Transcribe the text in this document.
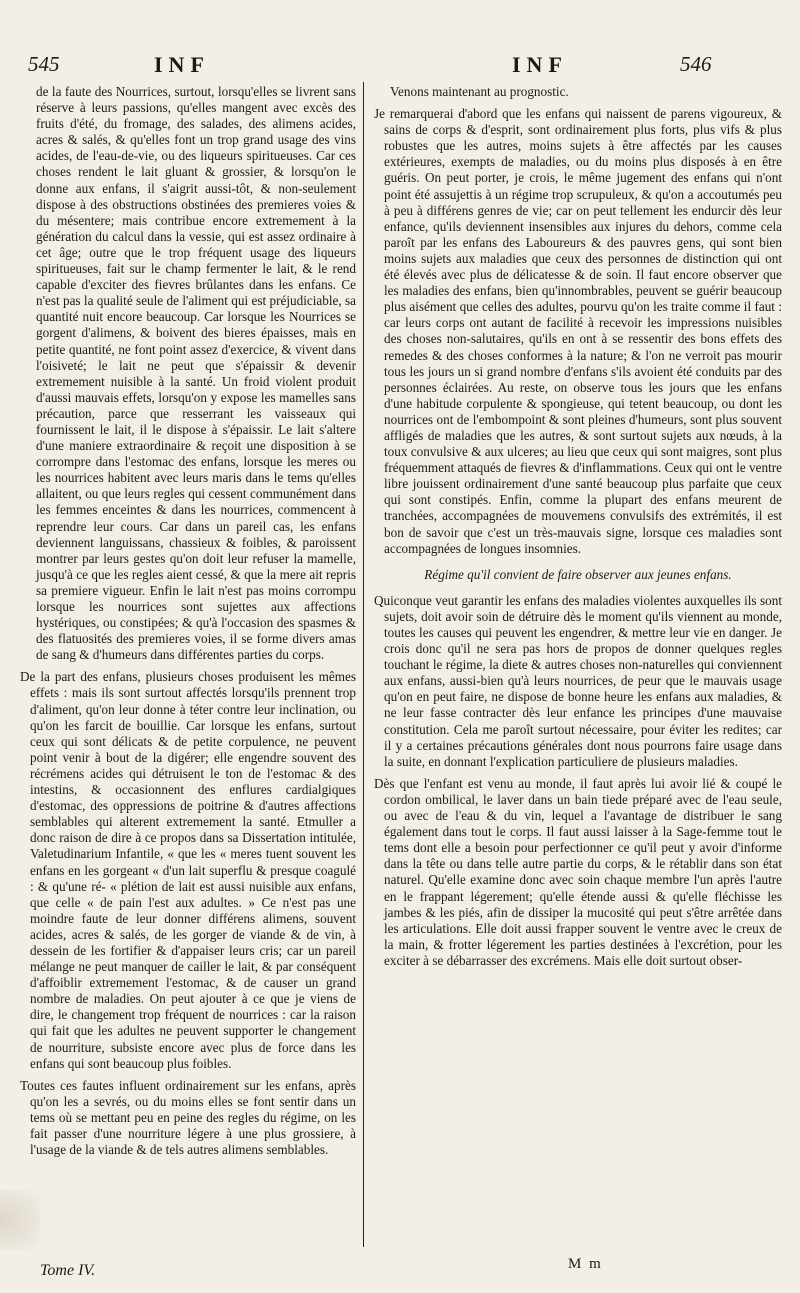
545	INF	INF	546

de la faute des Nourrices, surtout, lorsqu'elles se livrent sans réserve à leurs passions, qu'elles mangent avec excès des fruits d'été, du fromage, des salades, des alimens acides, acres & salés, & qu'elles font un trop grand usage des vins acides, de l'eau-de-vie, ou des liqueurs spiritueuses. Car ces choses rendent le lait gluant & grossier, & lorsqu'on le donne aux enfans, il s'aigrit aussi-tôt, & non-seulement dispose à des obstructions obstinées des premieres voies & du mésentere; mais contribue encore extremement à la génération du calcul dans la vessie, qui est assez ordinaire à cet âge; outre que le trop fréquent usage des liqueurs spiritueuses, fait sur le champ fermenter le lait, & le rend capable d'exciter des fievres brûlantes dans les enfans. Ce n'est pas la qualité seule de l'aliment qui est préjudiciable, sa quantité nuit encore beaucoup. Car lorsque les Nourrices se gorgent d'alimens, & boivent des bieres épaisses, mais en petite quantité, ne font point assez d'exercice, & vivent dans l'oisiveté; le lait ne peut que s'épaissir & devenir extremement nuisible à la santé. Un froid violent produit d'aussi mauvais effets, lorsqu'on y expose les mamelles sans précaution, parce que resserrant les vaisseaux qui fournissent le lait, il le dispose à s'épaissir. Le lait s'altere d'une maniere extraordinaire & reçoit une disposition à se corrompre dans l'estomac des enfans, lorsque les meres ou les nourrices habitent avec leurs maris dans le tems qu'elles allaitent, ou que leurs regles qui cessent communément dans les femmes enceintes & dans les nourrices, commencent à reprendre leur cours. Car dans un pareil cas, les enfans deviennent languissans, chassieux & foibles, & paroissent montrer par leurs gestes qu'on doit leur refuser la mamelle, jusqu'à ce que les regles aient cessé, & que la mere ait repris sa premiere vigueur. Enfin le lait n'est pas moins corrompu lorsque les nourrices sont sujettes aux affections hystériques, ou constipées; & qu'à l'occasion des spasmes & des flatuosités des premieres voies, il se forme divers amas de sang & d'humeurs dans différentes parties du corps.

De la part des enfans, plusieurs choses produisent les mêmes effets : mais ils sont surtout affectés lorsqu'ils prennent trop d'aliment, qu'on leur donne à téter contre leur inclination, ou qu'on les farcit de bouillie. Car lorsque les enfans, surtout ceux qui sont délicats & de petite corpulence, ne peuvent point venir à bout de la digérer; elle engendre souvent des récrémens acides qui détruisent le ton de l'estomac & des intestins, & occasionnent des enflures cardialgiques d'estomac, des oppressions de poitrine & d'autres affections semblables qui alterent extremement la santé. Etmuller a donc raison de dire à ce propos dans sa Dissertation intitulée, Valetudinarium Infantile, « que les « meres tuent souvent les enfans en les gorgeant « d'un lait superflu & presque coagulé : & qu'une ré- « plétion de lait est aussi nuisible aux enfans, que celle « de pain l'est aux adultes. » Ce n'est pas une moindre faute de leur donner différens alimens, souvent acides, acres & salés, de les gorger de viande & de vin, à dessein de les fortifier & d'appaiser leurs cris; car un pareil mélange ne peut manquer de cailler le lait, & par conséquent d'affoiblir extremement l'estomac, & de causer un grand nombre de maladies. On peut ajouter à ce que je viens de dire, le changement trop fréquent de nourrices : car la raison qui fait que les adultes ne peuvent supporter le changement de nourriture, subsiste encore avec plus de force dans les enfans qui sont beaucoup plus foibles.

Toutes ces fautes influent ordinairement sur les enfans, après qu'on les a sevrés, ou du moins elles se font sentir dans un tems où se mettant peu en peine des regles du régime, on les fait passer d'une nourriture légere à une plus grossiere, à l'usage de la viande & de tels autres alimens semblables.

Venons maintenant au prognostic.

Je remarquerai d'abord que les enfans qui naissent de parens vigoureux, & sains de corps & d'esprit, sont ordinairement plus forts, plus vifs & plus robustes que les autres, moins sujets à être affectés par les causes extérieures, exempts de maladies, ou du moins plus disposés à en être guéris. On peut porter, je crois, le même jugement des enfans qui n'ont point été assujettis à un régime trop scrupuleux, & qu'on a accoutumés peu à peu à différens genres de vie; car on peut tellement les endurcir dès leur enfance, qu'ils deviennent insensibles aux injures du dehors, comme cela paroît par les enfans des Laboureurs & des pauvres gens, qui sont bien moins sujets aux maladies que ceux des personnes de distinction qui ont été élevés avec plus de délicatesse & de soin. Il faut encore observer que les maladies des enfans, bien qu'innombrables, peuvent se guérir beaucoup plus aisément que celles des adultes, pourvu qu'on les traite comme il faut : car leurs corps ont autant de facilité à recevoir les impressions nuisibles des choses non-salutaires, qu'ils en ont à se ressentir des bons effets des remedes & des choses conformes à la nature; & l'on ne verroit pas mourir tous les jours un si grand nombre d'enfans s'ils avoient été conduits par des personnes éclairées. Au reste, on observe tous les jours que les enfans d'une habitude corpulente & spongieuse, qui tetent beaucoup, ou dont les nourrices ont de l'embompoint & sont pleines d'humeurs, sont plus souvent affligés de maladies que les autres, & sont surtout sujets aux nœuds, à la toux convulsive & aux ulceres; au lieu que ceux qui sont maigres, sont plus fréquemment attaqués de fievres & d'inflammations. Ceux qui ont le ventre libre jouissent ordinairement d'une santé beaucoup plus parfaite que ceux qui sont constipés. Enfin, comme la plupart des enfans meurent de tranchées, accompagnées de mouvemens convulsifs des extrémités, il est bon de savoir que c'est un très-mauvais signe, lorsque ces maladies sont accompagnées de longues insomnies.

Régime qu'il convient de faire observer aux jeunes enfans.

Quiconque veut garantir les enfans des maladies violentes auxquelles ils sont sujets, doit avoir soin de détruire dès le moment qu'ils viennent au monde, toutes les causes qui peuvent les engendrer, & mettre leur vie en danger. Je crois donc qu'il ne sera pas hors de propos de donner quelques regles touchant le régime, la diete & autres choses non-naturelles qui conviennent aux enfans, aussi-bien qu'à leurs nourrices, de peur que le mauvais usage qu'on en peut faire, ne dispose de bonne heure les enfans aux maladies, & ne leur fasse contracter dès leur enfance les principes d'une mauvaise constitution. Cela me paroît surtout nécessaire, pour éviter les redites; car il y a certaines précautions générales dont nous pourrons faire usage dans la suite, en donnant l'explication particuliere de plusieurs maladies.

Dès que l'enfant est venu au monde, il faut après lui avoir lié & coupé le cordon ombilical, le laver dans un bain tiede préparé avec de l'eau seule, ou avec de l'eau & du vin, lequel a l'avantage de distribuer le sang également dans tout le corps. Il faut aussi laisser à la Sage-femme tout le tems dont elle a besoin pour perfectionner ce qu'il peut y avoir d'informe dans la tête ou dans telle autre partie du corps, & le rétablir dans son état naturel. Qu'elle examine donc avec soin chaque membre l'un après l'autre en le frappant légerement; qu'elle étende aussi & qu'elle fléchisse les jambes & les piés, afin de dissiper la mucosité qui peut s'être arrêtée dans les articulations. Elle doit aussi frapper souvent le ventre avec le creux de la main, & frotter légerement les parties destinées à l'excrétion, pour les exciter à se débarrasser des excrémens. Mais elle doit surtout obser-

Tome IV.	M m
